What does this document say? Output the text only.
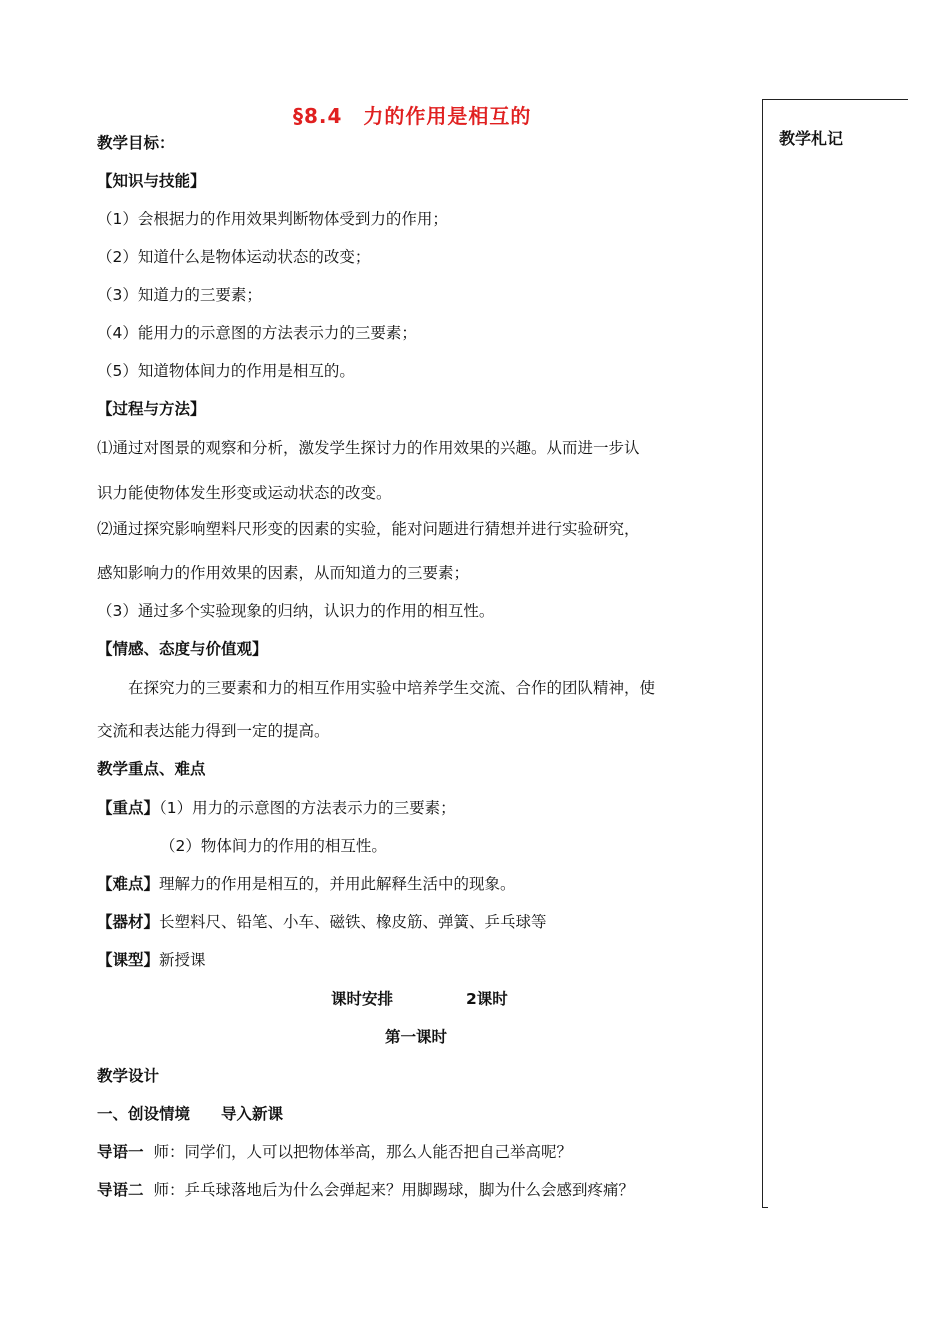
§8.4　力的作用是相互的
教学札记
教学目标：
【知识与技能】
（1）会根据力的作用效果判断物体受到力的作用；
（2）知道什么是物体运动状态的改变；
（3）知道力的三要素；
（4）能用力的示意图的方法表示力的三要素；
（5）知道物体间力的作用是相互的。
【过程与方法】
⑴通过对图景的观察和分析，激发学生探讨力的作用效果的兴趣。从而进一步认
识力能使物体发生形变或运动状态的改变。
⑵通过探究影响塑料尺形变的因素的实验，能对问题进行猜想并进行实验研究，
感知影响力的作用效果的因素，从而知道力的三要素；
（3）通过多个实验现象的归纳，认识力的作用的相互性。
【情感、态度与价值观】
在探究力的三要素和力的相互作用实验中培养学生交流、合作的团队精神，使
交流和表达能力得到一定的提高。
教学重点、难点
【重点】（1）用力的示意图的方法表示力的三要素；
（2）物体间力的作用的相互性。
【难点】理解力的作用是相互的，并用此解释生活中的现象。
【器材】长塑料尺、铅笔、小车、磁铁、橡皮筋、弹簧、乒乓球等
【课型】新授课
课时安排	2课时
第一课时
教学设计
一、创设情境　　导入新课
导语一 师：同学们，人可以把物体举高，那么人能否把自己举高呢？
导语二 师：乒乓球落地后为什么会弹起来？用脚踢球，脚为什么会感到疼痛？
